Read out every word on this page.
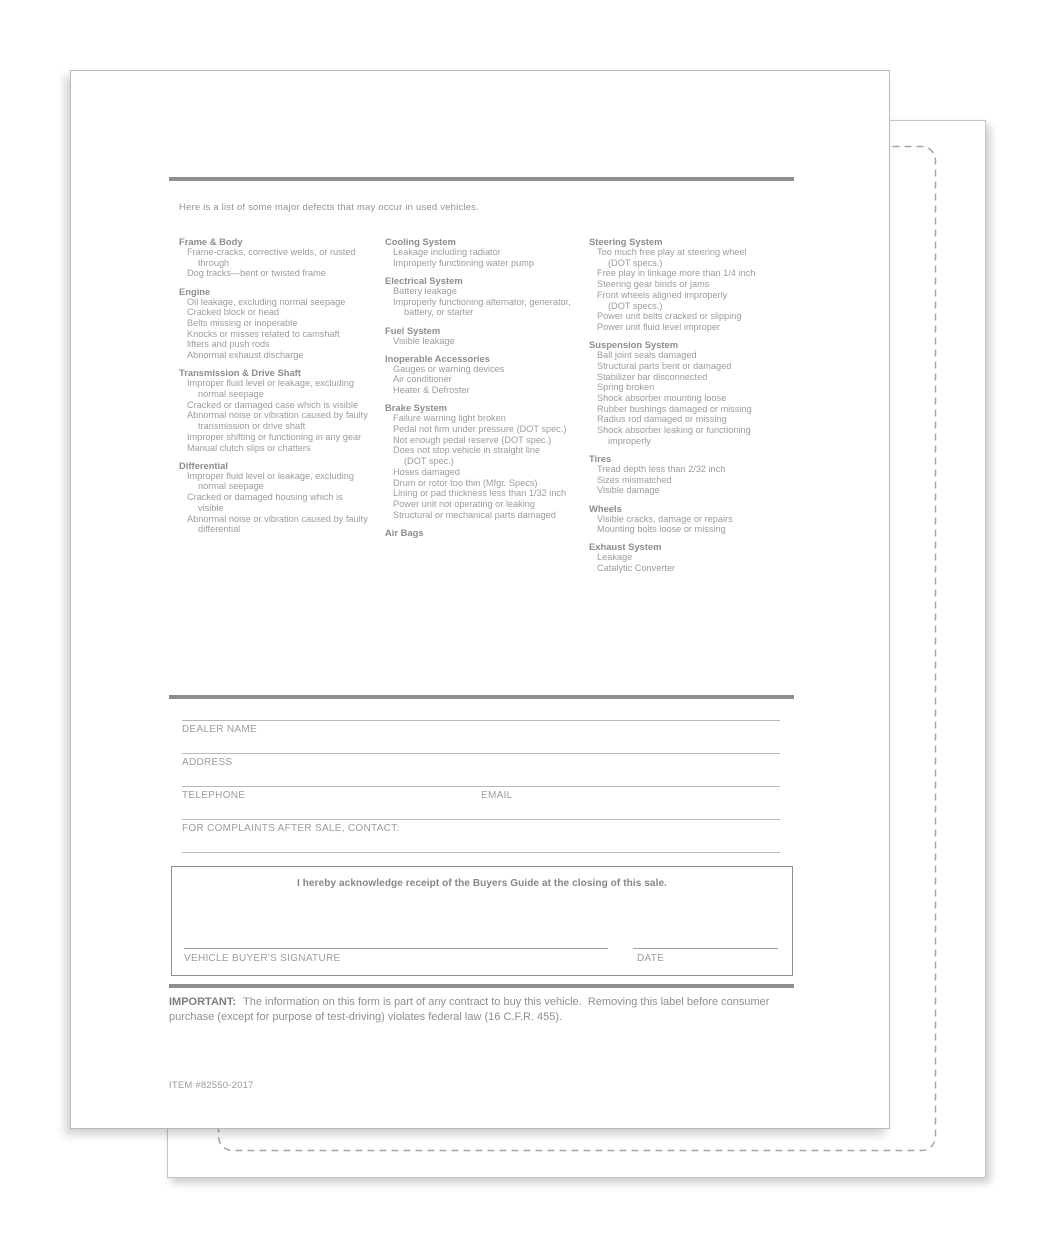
Here is a list of some major defects that may occur in used vehicles.
Frame & Body
Frame-cracks, corrective welds, or rusted
through
Dog tracks—bent or twisted frame
Engine
Oil leakage, excluding normal seepage
Cracked block or head
Belts missing or inoperable
Knocks or misses related to camshaft
lifters and push rods
Abnormal exhaust discharge
Transmission & Drive Shaft
Improper fluid level or leakage, excluding
normal seepage
Cracked or damaged case which is visible
Abnormal noise or vibration caused by faulty
transmission or drive shaft
Improper shifting or functioning in any gear
Manual clutch slips or chatters
Differential
Improper fluid level or leakage, excluding
normal seepage
Cracked or damaged housing which is
visible
Abnormal noise or vibration caused by faulty
differential
Cooling System
Leakage including radiator
Improperly functioning water pump
Electrical System
Battery leakage
Improperly functioning alternator, generator,
battery, or starter
Fuel System
Visible leakage
Inoperable Accessories
Gauges or warning devices
Air conditioner
Heater & Defroster
Brake System
Failure warning light broken
Pedal not firm under pressure (DOT spec.)
Not enough pedal reserve (DOT spec.)
Does not stop vehicle in straight line
(DOT spec.)
Hoses damaged
Drum or rotor too thin (Mfgr. Specs)
Lining or pad thickness less than 1/32 inch
Power unit not operating or leaking
Structural or mechanical parts damaged
Air Bags
Steering System
Too much free play at steering wheel
(DOT specs.)
Free play in linkage more than 1/4 inch
Steering gear binds or jams
Front wheels aligned improperly
(DOT specs.)
Power unit belts cracked or slipping
Power unit fluid level improper
Suspension System
Ball joint seals damaged
Structural parts bent or damaged
Stabilizer bar disconnected
Spring broken
Shock absorber mounting loose
Rubber bushings damaged or missing
Radius rod damaged or missing
Shock absorber leaking or functioning
improperly
Tires
Tread depth less than 2/32 inch
Sizes mismatched
Visible damage
Wheels
Visible cracks, damage or repairs
Mounting bolts loose or missing
Exhaust System
Leakage
Catalytic Converter
DEALER NAME
ADDRESS
TELEPHONE	EMAIL
FOR COMPLAINTS AFTER SALE, CONTACT:
I hereby acknowledge receipt of the Buyers Guide at the closing of this sale.
VEHICLE BUYER'S SIGNATURE	DATE

IMPORTANT: The information on this form is part of any contract to buy this vehicle.  Removing this label before consumer purchase (except for purpose of test-driving) violates federal law (16 C.F.R. 455).

ITEM #82550-2017
